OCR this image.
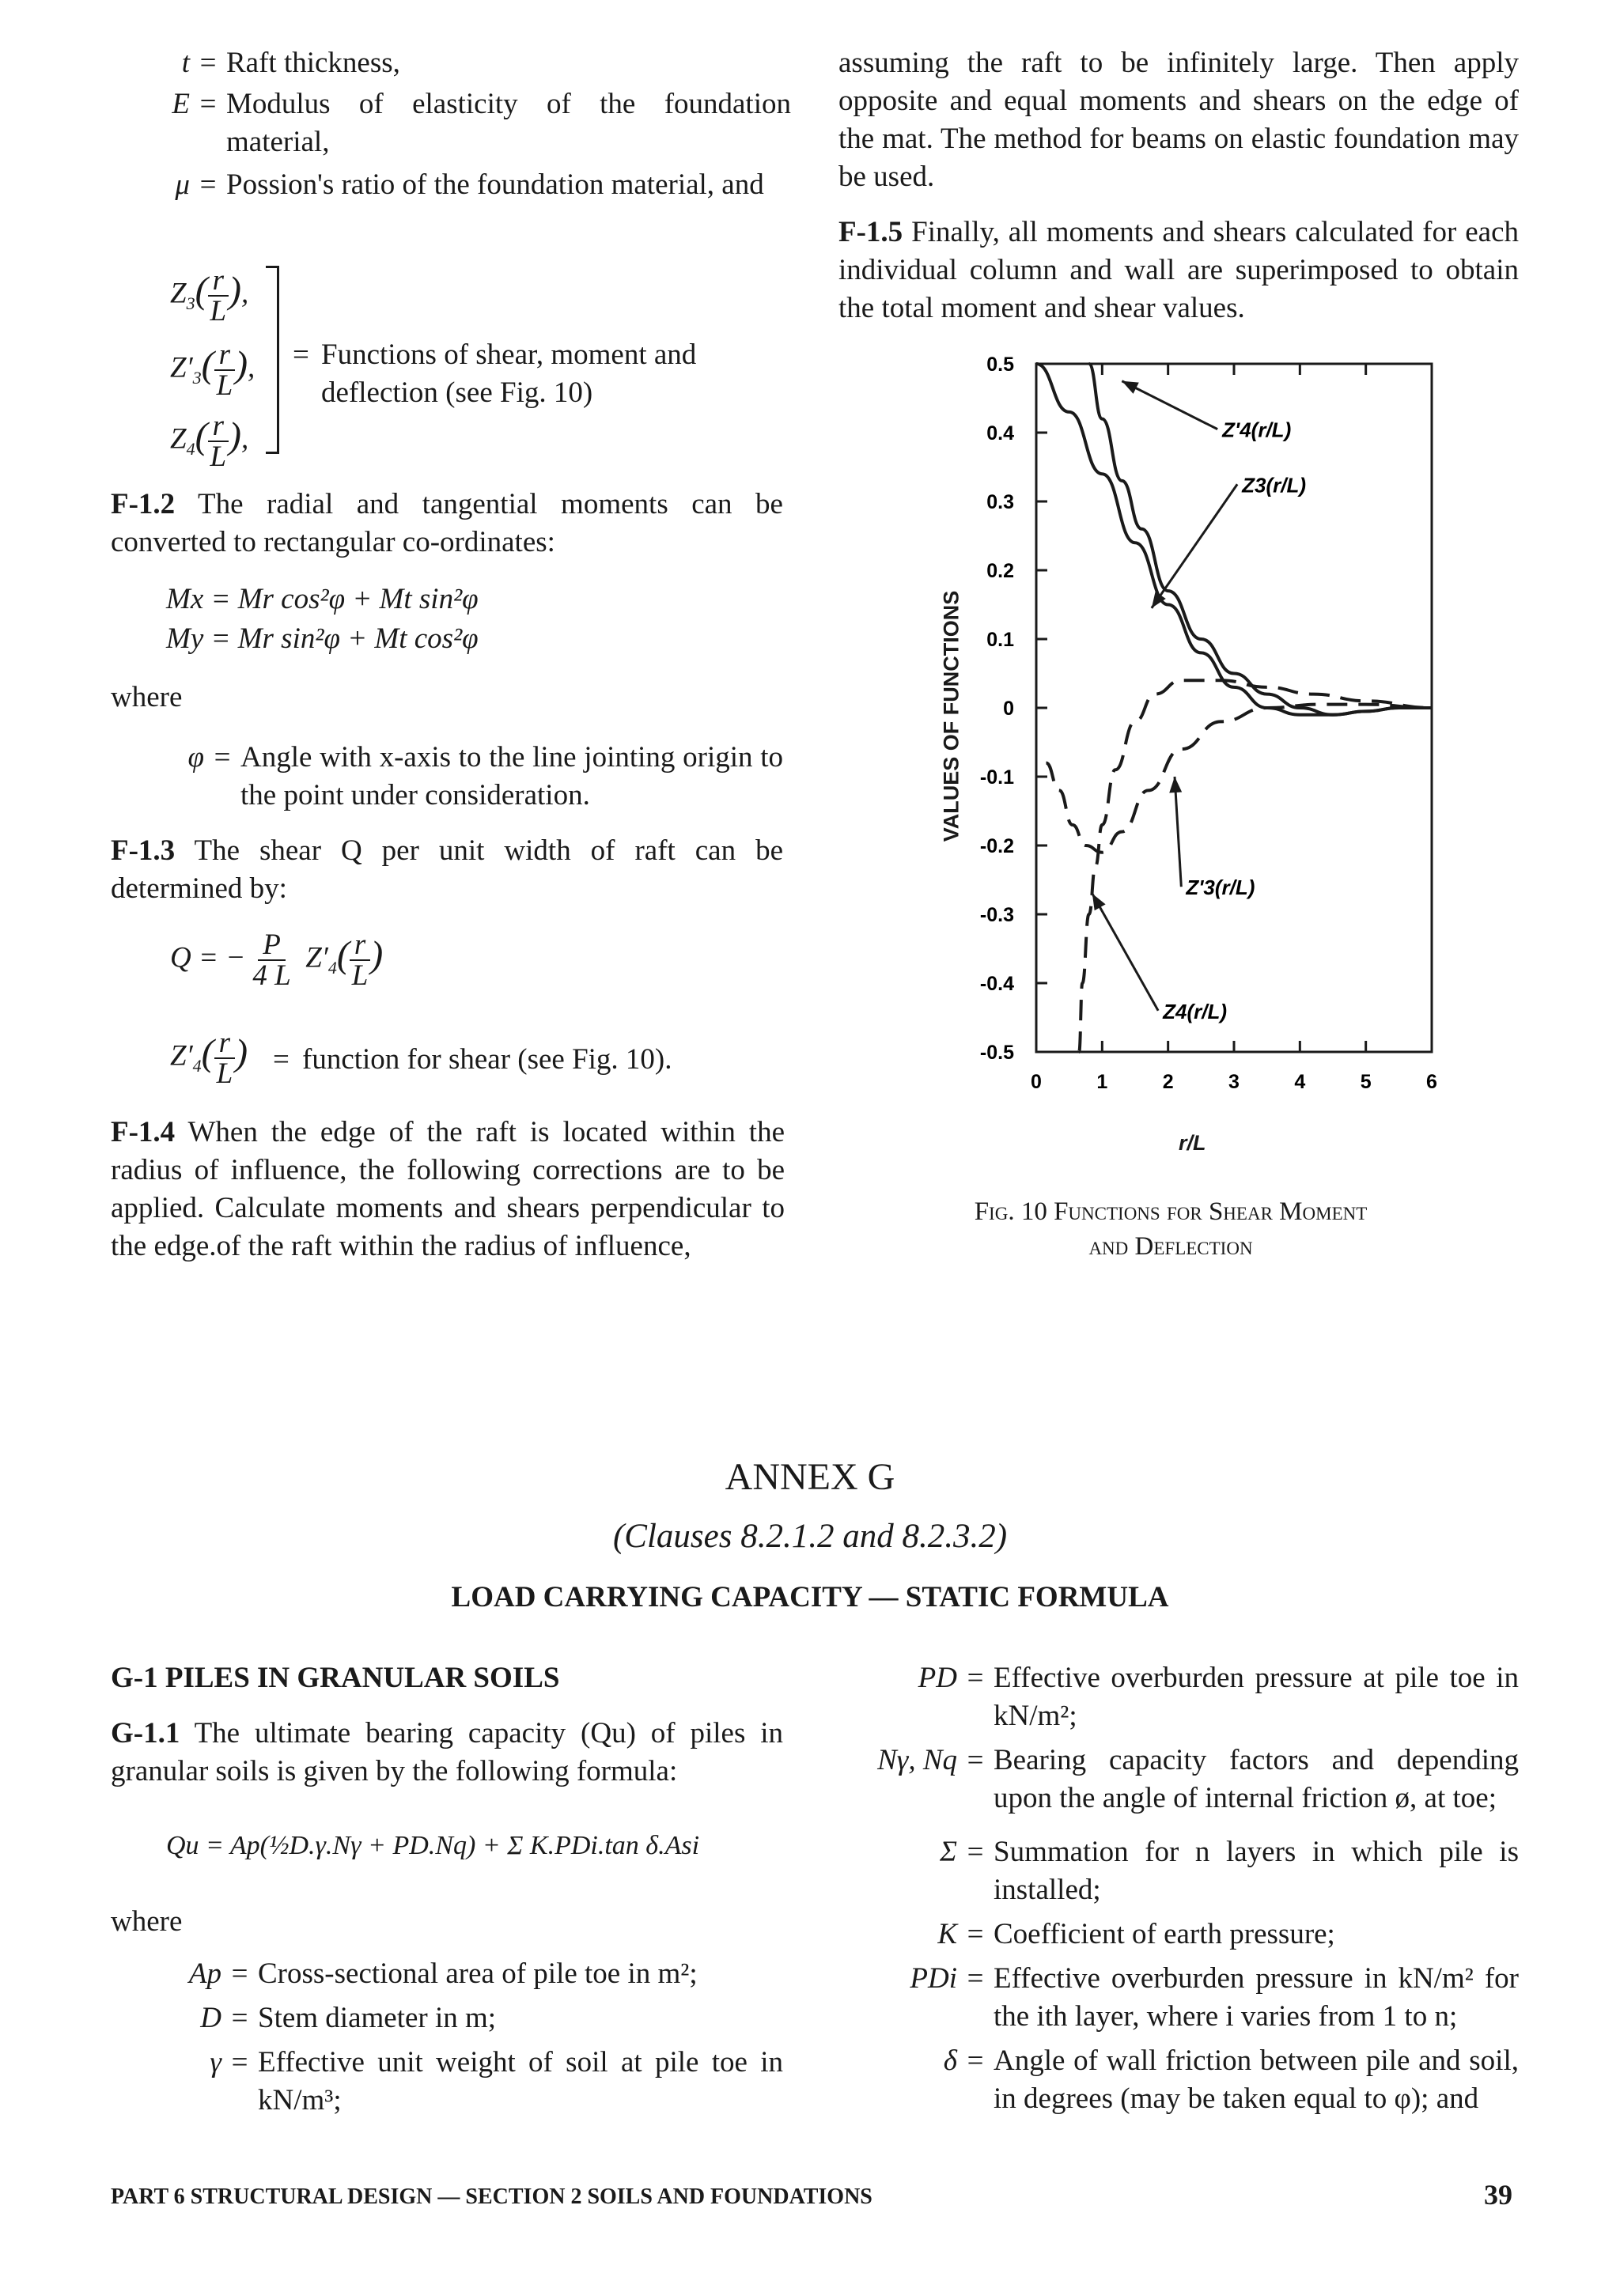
t = Raft thickness,
E = Modulus of elasticity of the foundation material,
μ = Possion's ratio of the foundation material, and
$Z_3( \frac{r}{L}$ ),
$Z'_3( \frac{r}{L}$ ),
$Z_4( \frac{r}{L}$ ),
= Functions of shear, moment and deflection (see Fig. 10)
F-1.2 The radial and tangential moments can be converted to rectangular co-ordinates:
Mx = Mr cos²φ + Mt sin²φ
My = Mr sin²φ + Mt cos²φ
where
φ = Angle with x-axis to the line jointing origin to the point under consideration.
F-1.3 The shear Q per unit width of raft can be determined by:
Q = − $\frac{P}{4 L} Z'_4( \frac{r}{L}$ )
$Z'_4( \frac{r}{L}$ ) = function for shear (see Fig. 10).
F-1.4 When the edge of the raft is located within the radius of influence, the following corrections are to be applied. Calculate moments and shears perpendicular to the edge.of the raft within the radius of influence,
assuming the raft to be infinitely large. Then apply opposite and equal moments and shears on the edge of the mat. The method for beams on elastic foundation may be used.
F-1.5 Finally, all moments and shears calculated for each individual column and wall are superimposed to obtain the total moment and shear values.
0.5
0.4
0.3
0.2
0.1
0
-0.1
-0.2
-0.3
-0.4
-0.5
0	1	2	3	4	5	6
Z'4(r/L)
Z3(r/L)
Z'3(r/L)
Z4(r/L)
VALUES OF FUNCTIONS
r/L
Fig. 10 Functions for Shear Moment
and Deflection
ANNEX G
(Clauses 8.2.1.2 and 8.2.3.2)
LOAD CARRYING CAPACITY — STATIC FORMULA
G-1 PILES IN GRANULAR SOILS
G-1.1 The ultimate bearing capacity (Qu) of piles in granular soils is given by the following formula:
Qu = Ap(½D.γ.Nγ + PD.Nq) + Σ K.PDi.tan δ.Asi
where
Ap = Cross-sectional area of pile toe in m²;
D = Stem diameter in m;
γ = Effective unit weight of soil at pile toe in kN/m³;
PD = Effective overburden pressure at pile toe in kN/m²;
Nγ, Nq = Bearing capacity factors and depending upon the angle of internal friction ø, at toe;
Σ = Summation for n layers in which pile is installed;
K = Coefficient of earth pressure;
PDi = Effective overburden pressure in kN/m² for the ith layer, where i varies from 1 to n;
δ = Angle of wall friction between pile and soil, in degrees (may be taken equal to φ); and
PART 6 STRUCTURAL DESIGN — SECTION 2 SOILS AND FOUNDATIONS	39
